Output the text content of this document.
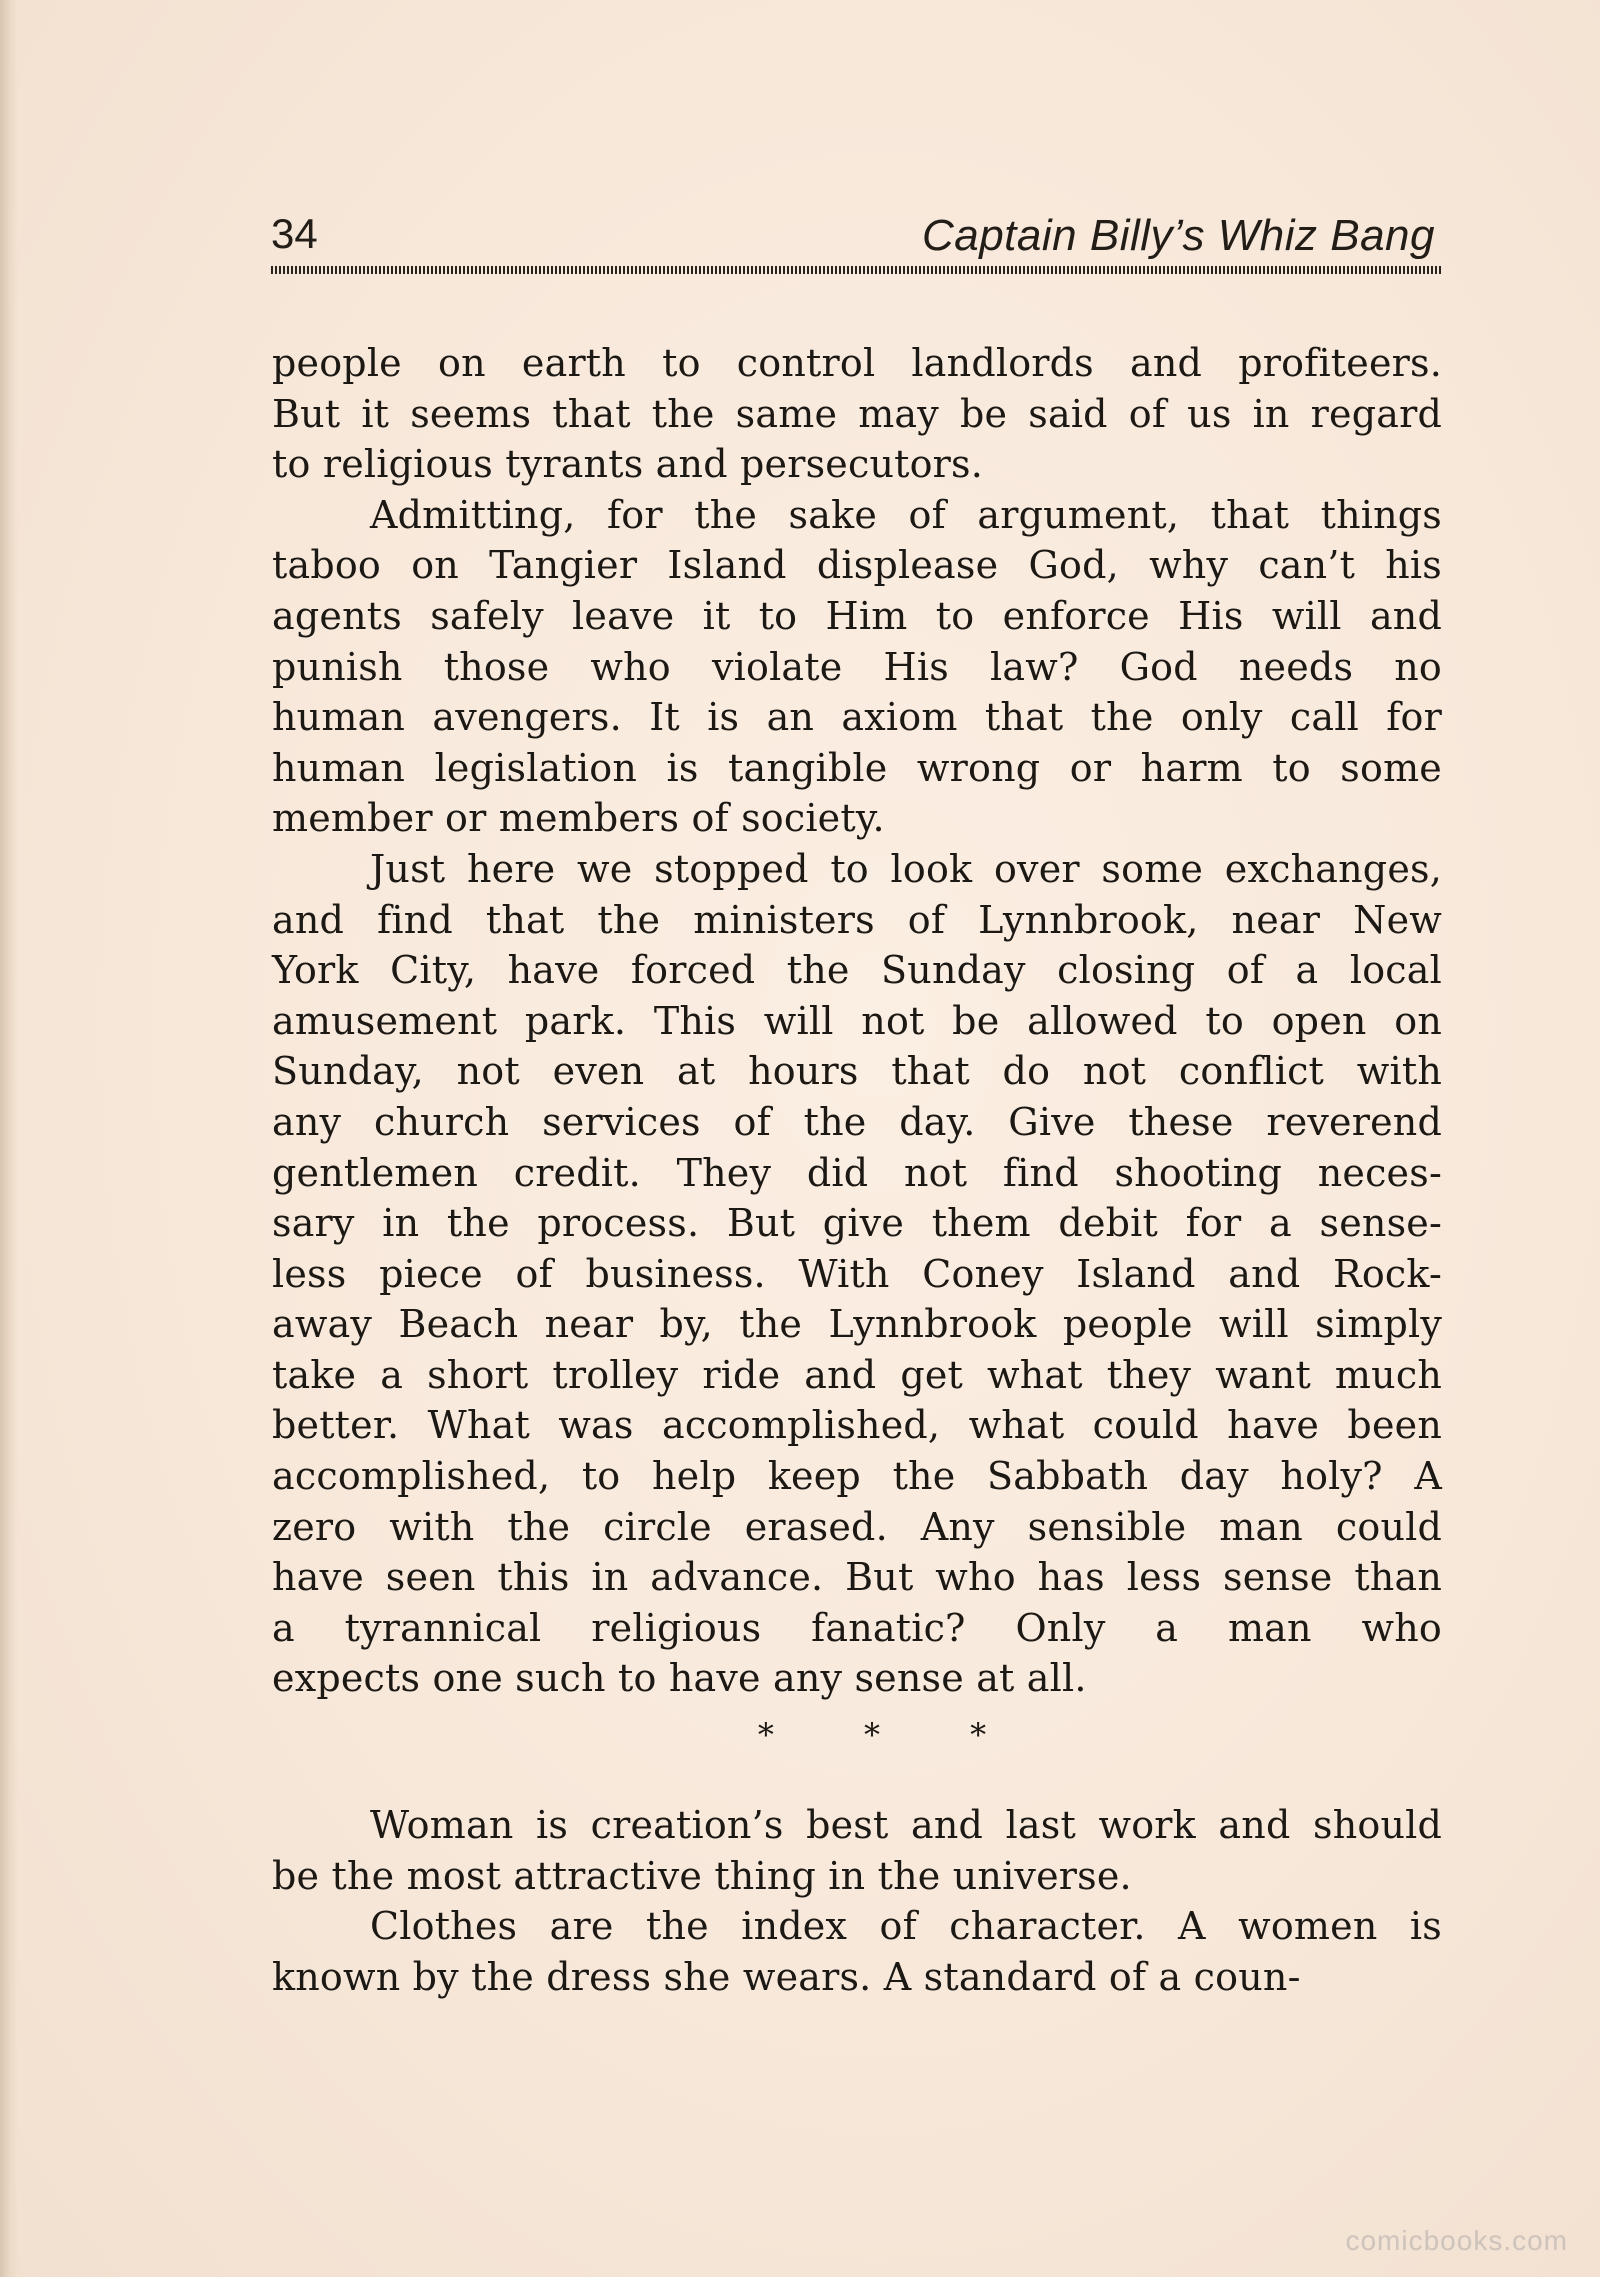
34	Captain Billy’s Whiz Bang
people on earth to control landlords and profiteers.
But it seems that the same may be said of us in regard
to religious tyrants and persecutors.
Admitting, for the sake of argument, that things
taboo on Tangier Island displease God, why can’t his
agents safely leave it to Him to enforce His will and
punish those who violate His law? God needs no
human avengers. It is an axiom that the only call for
human legislation is tangible wrong or harm to some
member or members of society.
Just here we stopped to look over some exchanges,
and find that the ministers of Lynnbrook, near New
York City, have forced the Sunday closing of a local
amusement park. This will not be allowed to open on
Sunday, not even at hours that do not conflict with
any church services of the day. Give these reverend
gentlemen credit. They did not find shooting neces-
sary in the process. But give them debit for a sense-
less piece of business. With Coney Island and Rock-
away Beach near by, the Lynnbrook people will simply
take a short trolley ride and get what they want much
better. What was accomplished, what could have been
accomplished, to help keep the Sabbath day holy? A
zero with the circle erased. Any sensible man could
have seen this in advance. But who has less sense than
a tyrannical religious fanatic? Only a man who
expects one such to have any sense at all.
*	*	*
Woman is creation’s best and last work and should
be the most attractive thing in the universe.
Clothes are the index of character. A women is
known by the dress she wears. A standard of a coun-
comicbooks.com
